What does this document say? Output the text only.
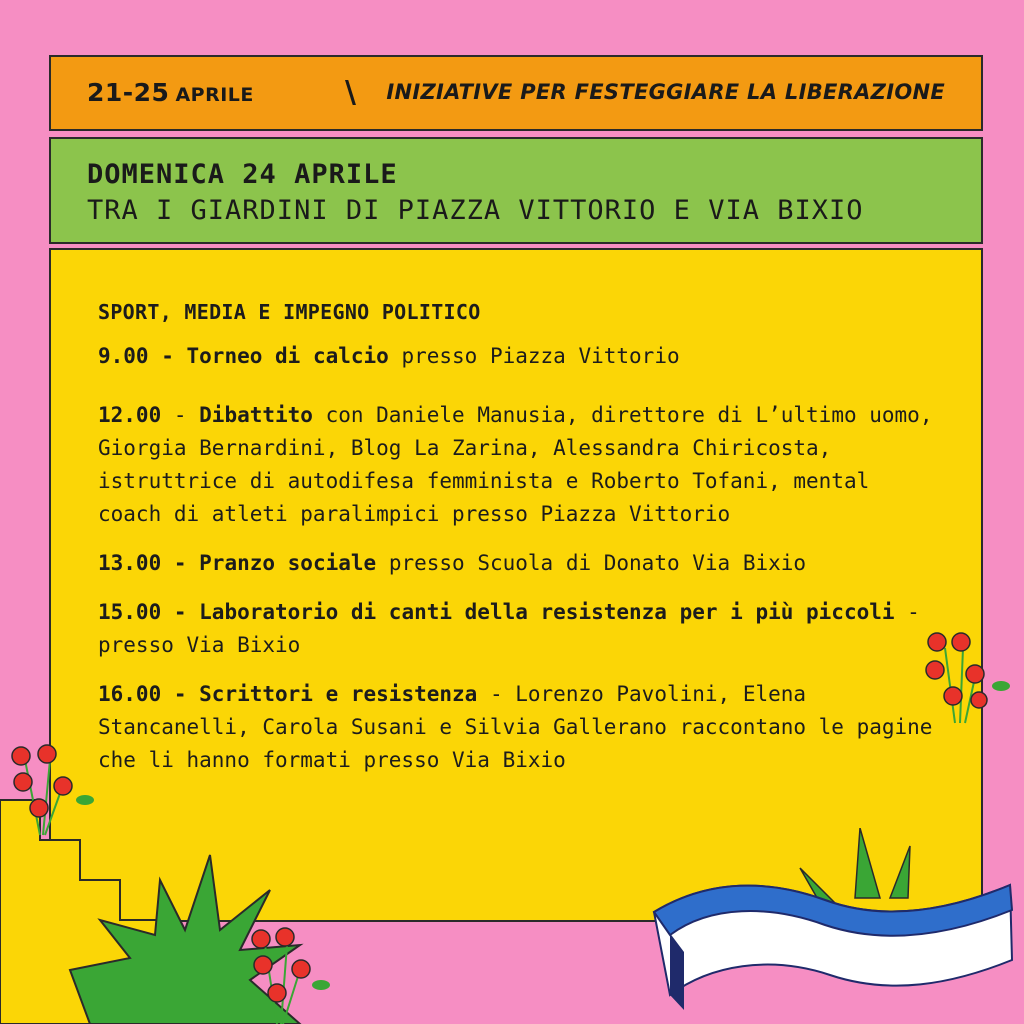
21-25 APRILE	\	INIZIATIVE PER FESTEGGIARE LA LIBERAZIONE
DOMENICA 24 APRILE
TRA I GIARDINI DI PIAZZA VITTORIO E VIA BIXIO
SPORT, MEDIA E IMPEGNO POLITICO
9.00 - Torneo di calcio presso Piazza Vittorio
12.00 - Dibattito con Daniele Manusia, direttore di L’ultimo uomo, Giorgia Bernardini, Blog La Zarina, Alessandra Chiricosta, istruttrice di autodifesa femminista e Roberto Tofani, mental coach di atleti paralimpici presso Piazza Vittorio
13.00 - Pranzo sociale presso Scuola di Donato Via Bixio
15.00 - Laboratorio di canti della resistenza per i più piccoli - presso Via Bixio
16.00 - Scrittori e resistenza - Lorenzo Pavolini, Elena Stancanelli, Carola Susani e Silvia Gallerano raccontano le pagine che li hanno formati presso Via Bixio
